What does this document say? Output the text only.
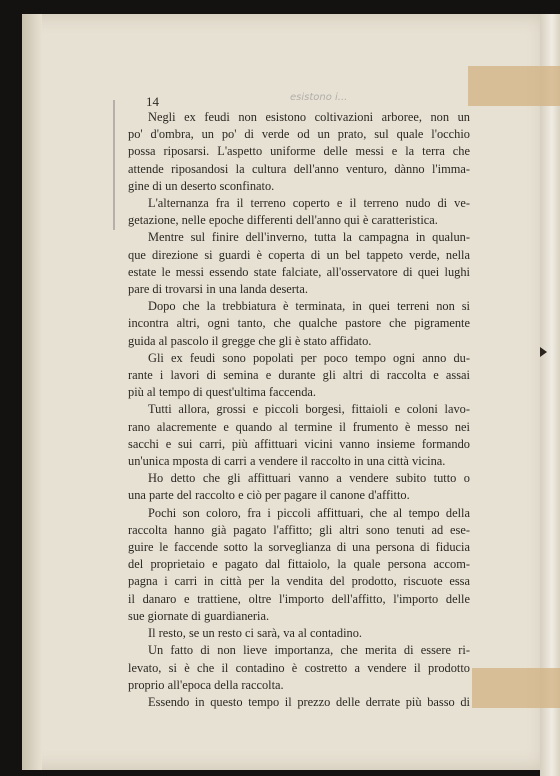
esistono i...
14
Negli ex feudi non esistono coltivazioni arboree, non un
po' d'ombra, un po' di verde od un prato, sul quale l'occhio
possa riposarsi. L'aspetto uniforme delle messi e la terra che
attende riposandosi la cultura dell'anno venturo, dànno l'imma-
gine di un deserto sconfinato.
L'alternanza fra il terreno coperto e il terreno nudo di ve-
getazione, nelle epoche differenti dell'anno qui è caratteristica.
Mentre sul finire dell'inverno, tutta la campagna in qualun-
que direzione si guardi è coperta di un bel tappeto verde, nella
estate le messi essendo state falciate, all'osservatore di quei lughi
pare di trovarsi in una landa deserta.
Dopo che la trebbiatura è terminata, in quei terreni non si
incontra altri, ogni tanto, che qualche pastore che pigramente
guida al pascolo il gregge che gli è stato affidato.
Gli ex feudi sono popolati per poco tempo ogni anno du-
rante i lavori di semina e durante gli altri di raccolta e assai
più al tempo di quest'ultima faccenda.
Tutti allora, grossi e piccoli borgesi, fittaioli e coloni lavo-
rano alacremente e quando al termine il frumento è messo nei
sacchi e sui carri, più affittuari vicini vanno insieme formando
un'unica mposta di carri a vendere il raccolto in una città vicina.
Ho detto che gli affittuari vanno a vendere subito tutto o
una parte del raccolto e ciò per pagare il canone d'affitto.
Pochi son coloro, fra i piccoli affittuari, che al tempo della
raccolta hanno già pagato l'affitto; gli altri sono tenuti ad ese-
guire le faccende sotto la sorveglianza di una persona di fiducia
del proprietaio e pagato dal fittaiolo, la quale persona accom-
pagna i carri in città per la vendita del prodotto, riscuote essa
il danaro e trattiene, oltre l'importo dell'affitto, l'importo delle
sue giornate di guardianeria.
Il resto, se un resto ci sarà, va al contadino.
Un fatto di non lieve importanza, che merita di essere ri-
levato, si è che il contadino è costretto a vendere il prodotto
proprio all'epoca della raccolta.
Essendo in questo tempo il prezzo delle derrate più basso di
